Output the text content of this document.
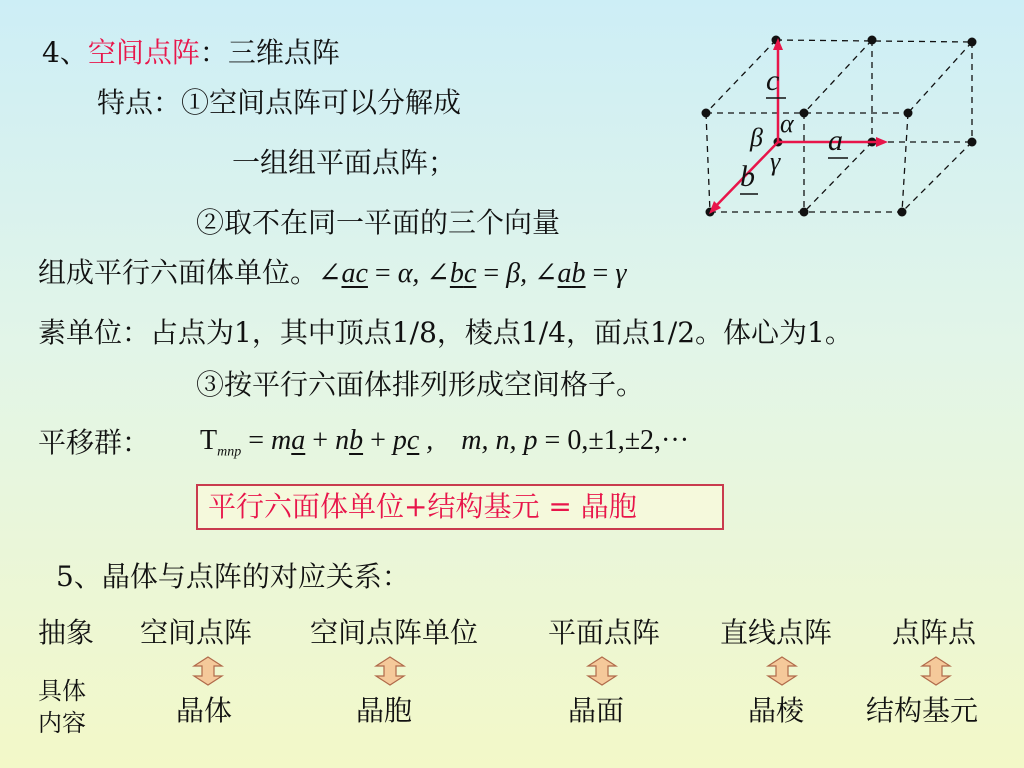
4、空间点阵：三维点阵
特点：①空间点阵可以分解成
一组组平面点阵；
②取不在同一平面的三个向量
组成平行六面体单位。∠ac = α, ∠bc = β, ∠ab = γ
素单位：占点为1，其中顶点1/8，棱点1/4，面点1/2。体心为1。
③按平行六面体排列形成空间格子。
平移群： $T_{mnp}$ = ma + nb + pc ,    m, n, p = 0,±1,±2,···
平行六面体单位+结构基元 = 晶胞
c
a
b
α
β
γ
5、晶体与点阵的对应关系：
抽象 空间点阵 空间点阵单位 平面点阵 直线点阵 点阵点
具体
内容	晶体	晶胞	晶面	晶棱 结构基元
